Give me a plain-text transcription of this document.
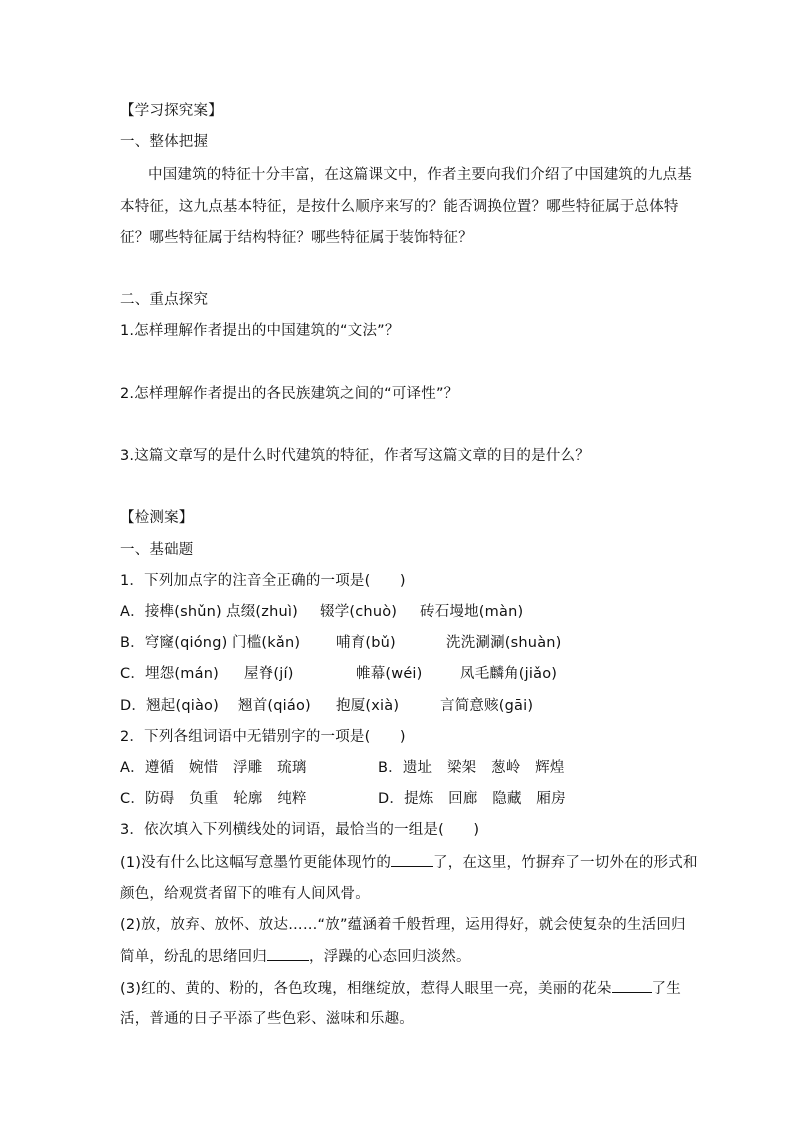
【学习探究案】
一、整体把握
中国建筑的特征十分丰富，在这篇课文中，作者主要向我们介绍了中国建筑的九点基
本特征，这九点基本特征，是按什么顺序来写的？能否调换位置？哪些特征属于总体特
征？哪些特征属于结构特征？哪些特征属于装饰特征？
二、重点探究
1.怎样理解作者提出的中国建筑的“文法”？
2.怎样理解作者提出的各民族建筑之间的“可译性”？
3.这篇文章写的是什么时代建筑的特征，作者写这篇文章的目的是什么？
【检测案】
一、基础题
1．下列加点字的注音全正确的一项是(　　)
A．接榫(shǔn) 点缀(zhuì) 辍学(chuò) 砖石墁地(màn)
B．穹窿(qióng) 门槛(kǎn) 哺育(bǔ)	洗洗涮涮(shuàn)
C．埋怨(mán) 屋脊(jí)	帷幕(wéi)	凤毛麟角(jiǎo)
D．翘起(qiào) 翘首(qiáo) 抱厦(xià)	言简意赅(gāi)
2．下列各组词语中无错别字的一项是(　　)
A．遵循　婉惜　浮雕　琉璃	B．遗址　梁架　葱岭　辉煌
C．防碍　负重　轮廓　纯粹	D．提炼　回廊　隐藏　厢房
3．依次填入下列横线处的词语，最恰当的一组是(　　)
(1)没有什么比这幅写意墨竹更能体现竹的	了，在这里，竹摒弃了一切外在的形式和
颜色，给观赏者留下的唯有人间风骨。
(2)放，放弃、放怀、放达……“放”蕴涵着千般哲理，运用得好，就会使复杂的生活回归
简单，纷乱的思绪回归	，浮躁的心态回归淡然。
(3)红的、黄的、粉的，各色玫瑰，相继绽放，惹得人眼里一亮，美丽的花朵	了生
活，普通的日子平添了些色彩、滋味和乐趣。
